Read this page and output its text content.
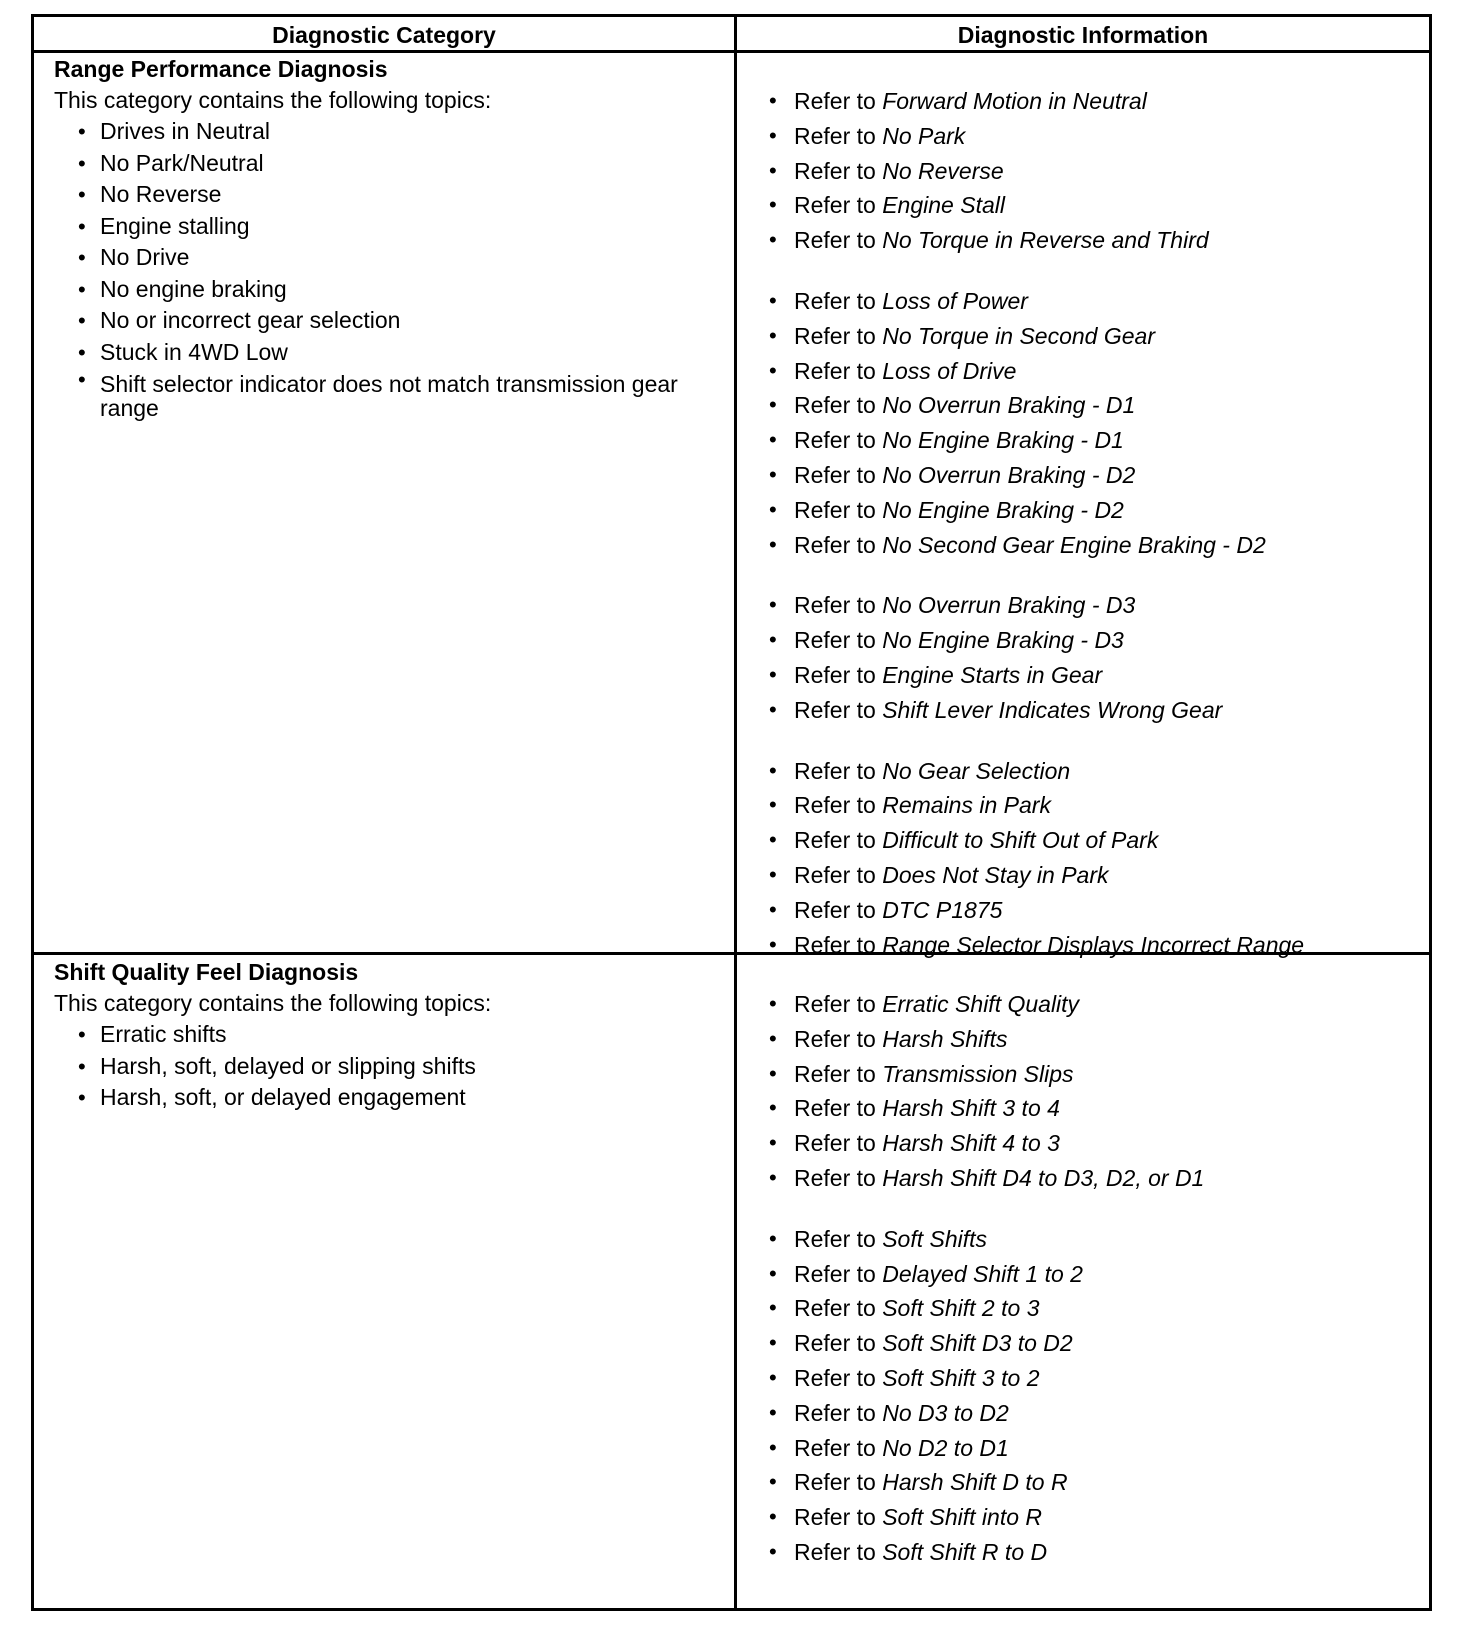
Diagnostic Category	Diagnostic Information
Range Performance Diagnosis
This category contains the following topics:
• Drives in Neutral
• No Park/Neutral
• No Reverse
• Engine stalling
• No Drive
• No engine braking
• No or incorrect gear selection
• Stuck in 4WD Low
• Shift selector indicator does not match transmission gear range
• Refer to Forward Motion in Neutral
• Refer to No Park
• Refer to No Reverse
• Refer to Engine Stall
• Refer to No Torque in Reverse and Third
• Refer to Loss of Power
• Refer to No Torque in Second Gear
• Refer to Loss of Drive
• Refer to No Overrun Braking - D1
• Refer to No Engine Braking - D1
• Refer to No Overrun Braking - D2
• Refer to No Engine Braking - D2
• Refer to No Second Gear Engine Braking - D2
• Refer to No Overrun Braking - D3
• Refer to No Engine Braking - D3
• Refer to Engine Starts in Gear
• Refer to Shift Lever Indicates Wrong Gear
• Refer to No Gear Selection
• Refer to Remains in Park
• Refer to Difficult to Shift Out of Park
• Refer to Does Not Stay in Park
• Refer to DTC P1875
• Refer to Range Selector Displays Incorrect Range
Shift Quality Feel Diagnosis
This category contains the following topics:
• Erratic shifts
• Harsh, soft, delayed or slipping shifts
• Harsh, soft, or delayed engagement
• Refer to Erratic Shift Quality
• Refer to Harsh Shifts
• Refer to Transmission Slips
• Refer to Harsh Shift 3 to 4
• Refer to Harsh Shift 4 to 3
• Refer to Harsh Shift D4 to D3, D2, or D1
• Refer to Soft Shifts
• Refer to Delayed Shift 1 to 2
• Refer to Soft Shift 2 to 3
• Refer to Soft Shift D3 to D2
• Refer to Soft Shift 3 to 2
• Refer to No D3 to D2
• Refer to No D2 to D1
• Refer to Harsh Shift D to R
• Refer to Soft Shift into R
• Refer to Soft Shift R to D
